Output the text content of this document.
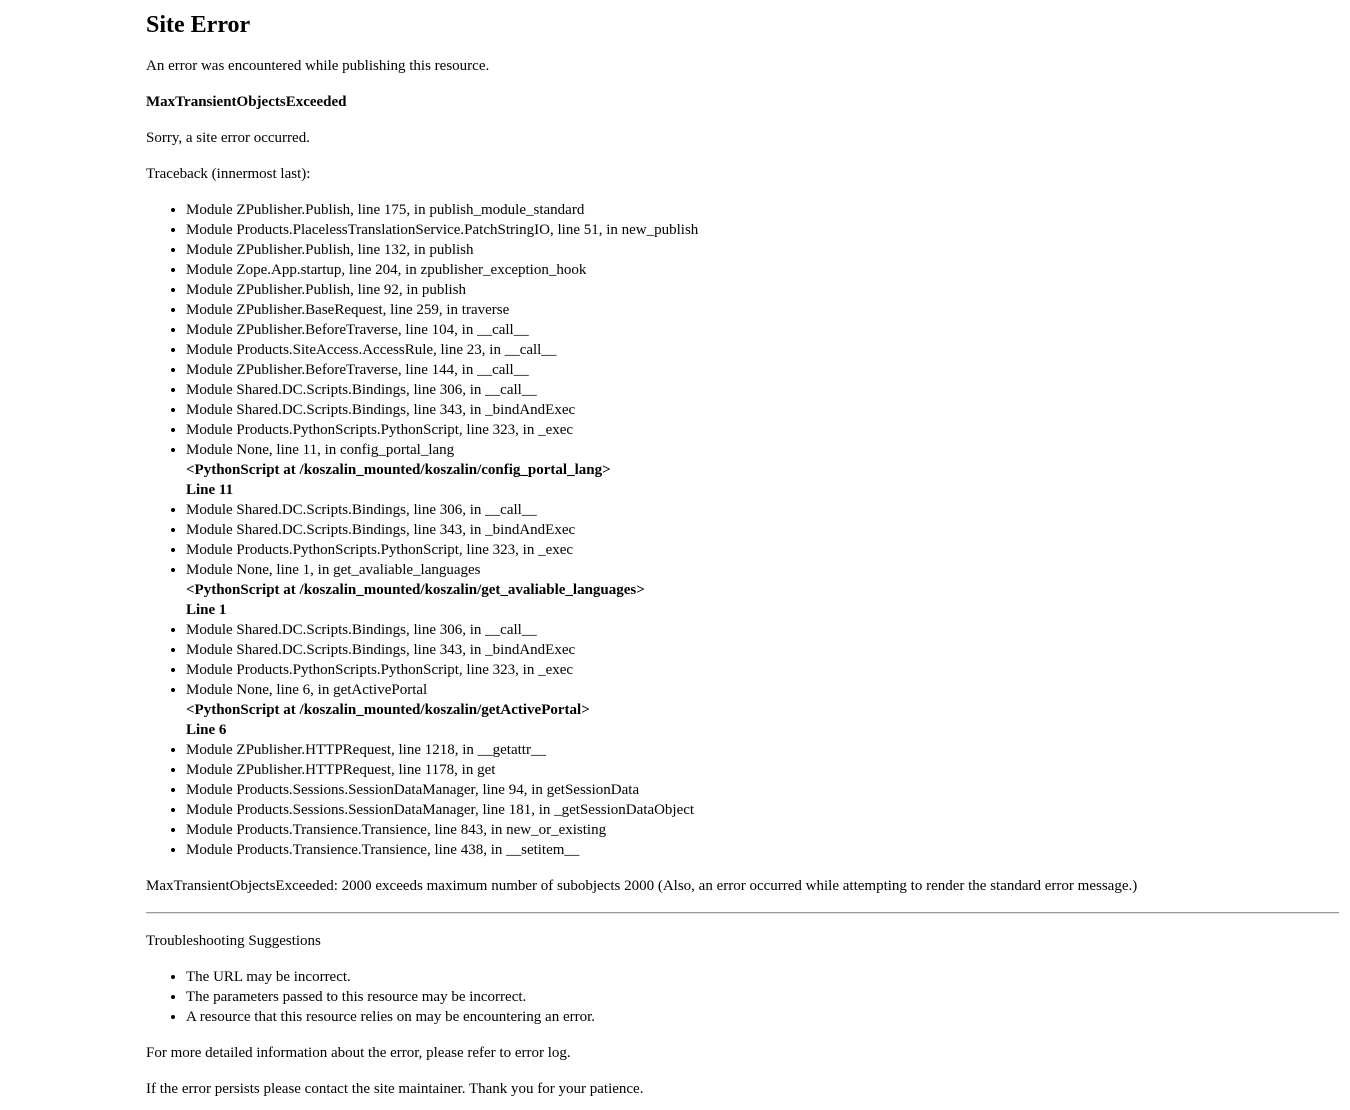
Site Error

An error was encountered while publishing this resource.

MaxTransientObjectsExceeded

Sorry, a site error occurred.

Traceback (innermost last):

• Module ZPublisher.Publish, line 175, in publish_module_standard
• Module Products.PlacelessTranslationService.PatchStringIO, line 51, in new_publish
• Module ZPublisher.Publish, line 132, in publish
• Module Zope.App.startup, line 204, in zpublisher_exception_hook
• Module ZPublisher.Publish, line 92, in publish
• Module ZPublisher.BaseRequest, line 259, in traverse
• Module ZPublisher.BeforeTraverse, line 104, in __call__
• Module Products.SiteAccess.AccessRule, line 23, in __call__
• Module ZPublisher.BeforeTraverse, line 144, in __call__
• Module Shared.DC.Scripts.Bindings, line 306, in __call__
• Module Shared.DC.Scripts.Bindings, line 343, in _bindAndExec
• Module Products.PythonScripts.PythonScript, line 323, in _exec
• Module None, line 11, in config_portal_lang
<PythonScript at /koszalin_mounted/koszalin/config_portal_lang>
Line 11
• Module Shared.DC.Scripts.Bindings, line 306, in __call__
• Module Shared.DC.Scripts.Bindings, line 343, in _bindAndExec
• Module Products.PythonScripts.PythonScript, line 323, in _exec
• Module None, line 1, in get_avaliable_languages
<PythonScript at /koszalin_mounted/koszalin/get_avaliable_languages>
Line 1
• Module Shared.DC.Scripts.Bindings, line 306, in __call__
• Module Shared.DC.Scripts.Bindings, line 343, in _bindAndExec
• Module Products.PythonScripts.PythonScript, line 323, in _exec
• Module None, line 6, in getActivePortal
<PythonScript at /koszalin_mounted/koszalin/getActivePortal>
Line 6
• Module ZPublisher.HTTPRequest, line 1218, in __getattr__
• Module ZPublisher.HTTPRequest, line 1178, in get
• Module Products.Sessions.SessionDataManager, line 94, in getSessionData
• Module Products.Sessions.SessionDataManager, line 181, in _getSessionDataObject
• Module Products.Transience.Transience, line 843, in new_or_existing
• Module Products.Transience.Transience, line 438, in __setitem__

MaxTransientObjectsExceeded: 2000 exceeds maximum number of subobjects 2000 (Also, an error occurred while attempting to render the standard error message.)

Troubleshooting Suggestions

• The URL may be incorrect.
• The parameters passed to this resource may be incorrect.
• A resource that this resource relies on may be encountering an error.

For more detailed information about the error, please refer to error log.

If the error persists please contact the site maintainer. Thank you for your patience.
